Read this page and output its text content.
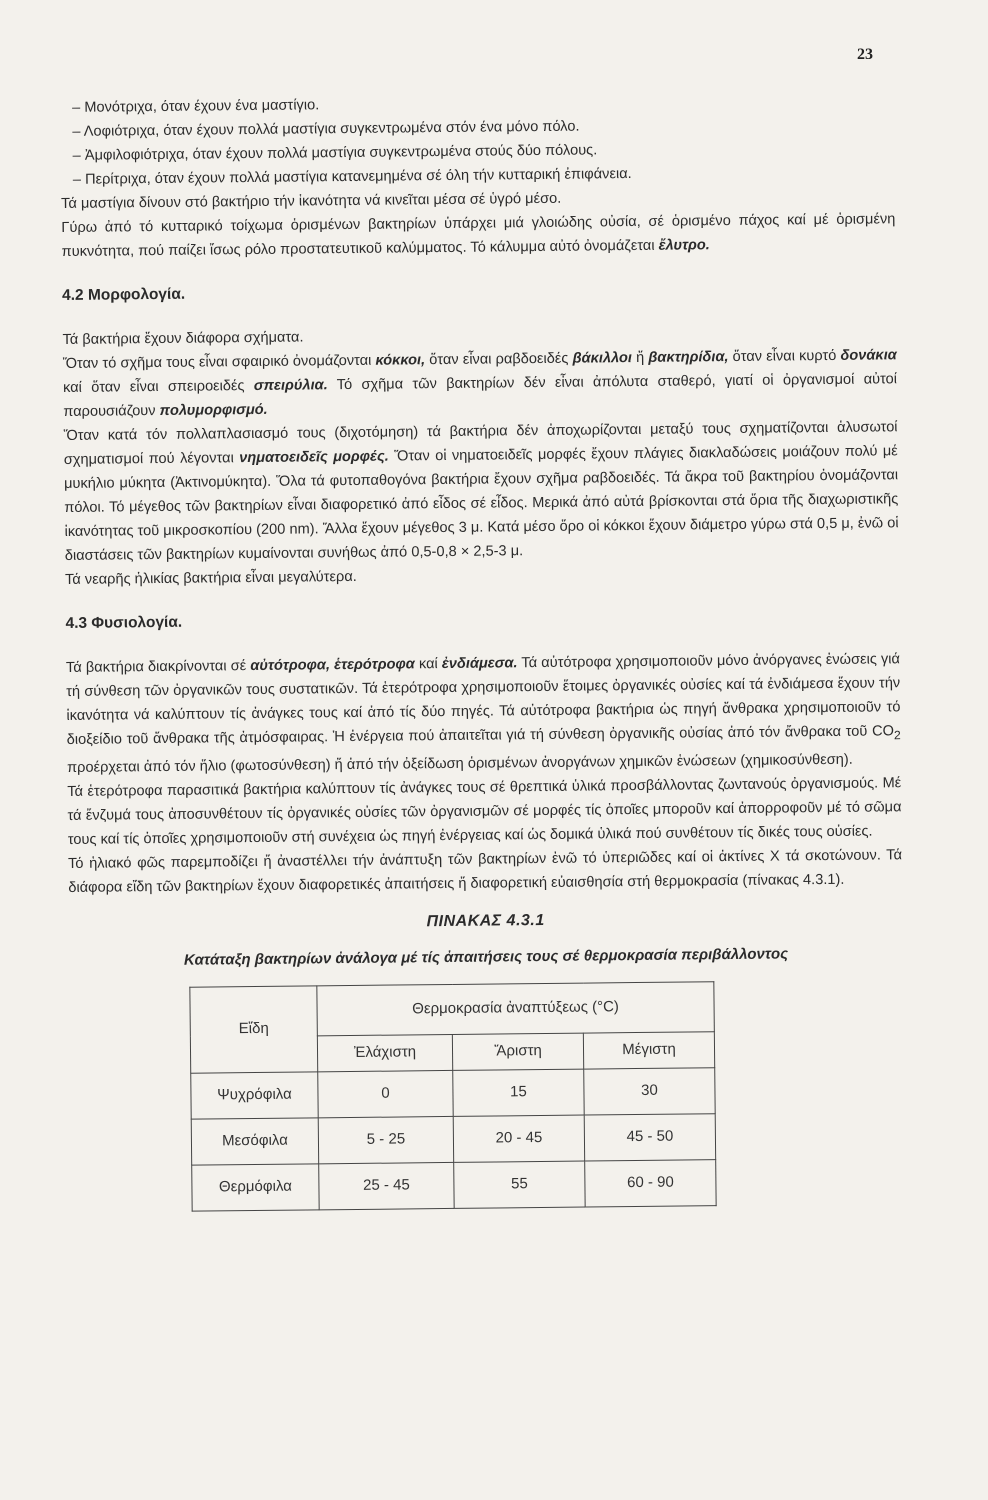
23

– Μονότριχα, όταν έχουν ένα μαστίγιο.

– Λοφιότριχα, όταν έχουν πολλά μαστίγια συγκεντρωμένα στόν ένα μόνο πόλο.

– Ἀμφιλοφιότριχα, όταν έχουν πολλά μαστίγια συγκεντρωμένα στούς δύο πόλους.

– Περίτριχα, όταν έχουν πολλά μαστίγια κατανεμημένα σέ όλη τήν κυτταρική ἐπιφάνεια.

Τά μαστίγια δίνουν στό βακτήριο τήν ἱκανότητα νά κινεῖται μέσα σέ ὑγρό μέσο.

Γύρω ἀπό τό κυτταρικό τοίχωμα ὁρισμένων βακτηρίων ὑπάρχει μιά γλοιώδης οὐσία, σέ ὁρισμένο πάχος καί μέ ὁρισμένη πυκνότητα, πού παίζει ἴσως ρόλο προστατευτικοῦ καλύμματος. Τό κάλυμμα αὐτό ὀνομάζεται ἔλυτρο.

4.2 Μορφολογία.

Τά βακτήρια ἔχουν διάφορα σχήματα.

Ὅταν τό σχῆμα τους εἶναι σφαιρικό ὀνομάζονται κόκκοι, ὅταν εἶναι ραβδοειδές βάκιλλοι ἤ βακτηρίδια, ὅταν εἶναι κυρτό δονάκια καί ὅταν εἶναι σπειροειδές σπειρύλια. Τό σχῆμα τῶν βακτηρίων δέν εἶναι ἀπόλυτα σταθερό, γιατί οἱ ὀργανισμοί αὐτοί παρουσιάζουν πολυμορφισμό.

Ὅταν κατά τόν πολλαπλασιασμό τους (διχοτόμηση) τά βακτήρια δέν ἀποχωρίζονται μεταξύ τους σχηματίζονται ἁλυσωτοί σχηματισμοί πού λέγονται νηματοειδεῖς μορφές. Ὅταν οἱ νηματοειδεῖς μορφές ἔχουν πλάγιες διακλαδώσεις μοιάζουν πολύ μέ μυκήλιο μύκητα (Ἀκτινομύκητα). Ὅλα τά φυτοπαθογόνα βακτήρια ἔχουν σχῆμα ραβδοειδές. Τά ἄκρα τοῦ βακτηρίου ὀνομάζονται πόλοι. Τό μέγεθος τῶν βακτηρίων εἶναι διαφορετικό ἀπό εἶδος σέ εἶδος. Μερικά ἀπό αὐτά βρίσκονται στά ὅρια τῆς διαχωριστικῆς ἱκανότητας τοῦ μικροσκοπίου (200 nm). Ἄλλα ἔχουν μέγεθος 3 μ. Κατά μέσο ὅρο οἱ κόκκοι ἔχουν διάμετρο γύρω στά 0,5 μ, ἐνῶ οἱ διαστάσεις τῶν βακτηρίων κυμαίνονται συνήθως ἀπό 0,5-0,8 × 2,5-3 μ.

Τά νεαρῆς ἡλικίας βακτήρια εἶναι μεγαλύτερα.

4.3 Φυσιολογία.

Τά βακτήρια διακρίνονται σέ αὐτότροφα, ἑτερότροφα καί ἐνδιάμεσα. Τά αὐτότροφα χρησιμοποιοῦν μόνο ἀνόργανες ἑνώσεις γιά τή σύνθεση τῶν ὀργανικῶν τους συστατικῶν. Τά ἑτερότροφα χρησιμοποιοῦν ἕτοιμες ὀργανικές οὐσίες καί τά ἐνδιάμεσα ἔχουν τήν ἱκανότητα νά καλύπτουν τίς ἀνάγκες τους καί ἀπό τίς δύο πηγές. Τά αὐτότροφα βακτήρια ὡς πηγή ἄνθρακα χρησιμοποιοῦν τό διοξείδιο τοῦ ἄνθρακα τῆς ἀτμόσφαιρας. Ἡ ἐνέργεια πού ἀπαιτεῖται γιά τή σύνθεση ὀργανικῆς οὐσίας ἀπό τόν ἄνθρακα τοῦ $CO_2$ προέρχεται ἀπό τόν ἥλιο (φωτοσύνθεση) ἤ ἀπό τήν ὀξείδωση ὁρισμένων ἀνοργάνων χημικῶν ἑνώσεων (χημικοσύνθεση).

Τά ἑτερότροφα παρασιτικά βακτήρια καλύπτουν τίς ἀνάγκες τους σέ θρεπτικά ὑλικά προσβάλλοντας ζωντανούς ὀργανισμούς. Μέ τά ἔνζυμά τους ἀποσυνθέτουν τίς ὀργανικές οὐσίες τῶν ὀργανισμῶν σέ μορφές τίς ὁποῖες μποροῦν καί ἀπορροφοῦν μέ τό σῶμα τους καί τίς ὁποῖες χρησιμοποιοῦν στή συνέχεια ὡς πηγή ἐνέργειας καί ὡς δομικά ὑλικά πού συνθέτουν τίς δικές τους οὐσίες.

Τό ἡλιακό φῶς παρεμποδίζει ἤ ἀναστέλλει τήν ἀνάπτυξη τῶν βακτηρίων ἐνῶ τό ὑπεριῶδες καί οἱ ἀκτίνες X τά σκοτώνουν. Τά διάφορα εἴδη τῶν βακτηρίων ἔχουν διαφορετικές ἀπαιτήσεις ἤ διαφορετική εὐαισθησία στή θερμοκρασία (πίνακας 4.3.1).

ΠΙΝΑΚΑΣ 4.3.1
Κατάταξη βακτηρίων ἀνάλογα μέ τίς ἀπαιτήσεις τους σέ θερμοκρασία περιβάλλοντος
Εἴδη	Θερμοκρασία ἀναπτύξεως (°C)		
	Ἐλάχιστη	Ἄριστη	Μέγιστη
Ψυχρόφιλα	0	15	30
Μεσόφιλα	5 - 25	20 - 45	45 - 50
Θερμόφιλα	25 - 45	55	60 - 90
